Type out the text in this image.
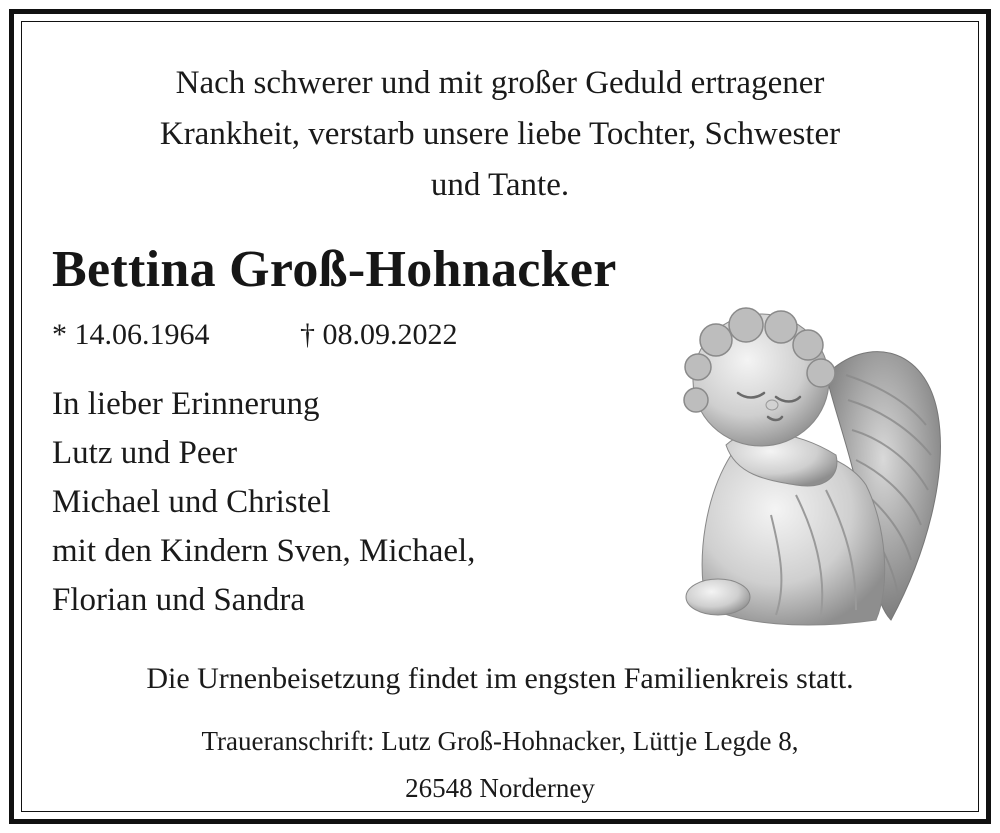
Nach schwerer und mit großer Geduld ertragener
Krankheit, verstarb unsere liebe Tochter, Schwester
und Tante.
Bettina Groß-Hohnacker
* 14.06.1964	† 08.09.2022
In lieber Erinnerung
Lutz und Peer
Michael und Christel
mit den Kindern Sven, Michael,
Florian und Sandra
Die Urnenbeisetzung findet im engsten Familienkreis statt.
Traueranschrift: Lutz Groß-Hohnacker, Lüttje Legde 8,
26548 Norderney
